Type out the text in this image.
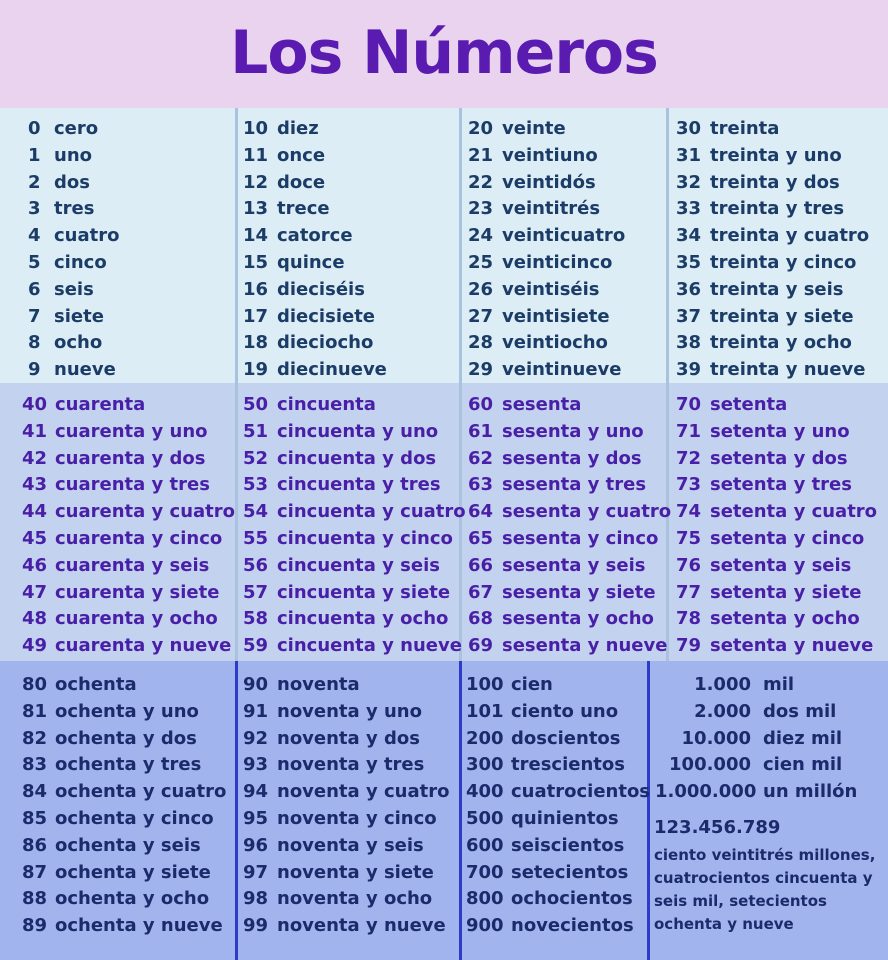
Los Números
0 cero
1 uno
2 dos
3 tres
4 cuatro
5 cinco
6 seis
7 siete
8 ocho
9 nueve
10 diez
11 once
12 doce
13 trece
14 catorce
15 quince
16 dieciséis
17 diecisiete
18 dieciocho
19 diecinueve
20 veinte
21 veintiuno
22 veintidós
23 veintitrés
24 veinticuatro
25 veinticinco
26 veintiséis
27 veintisiete
28 veintiocho
29 veintinueve
30 treinta
31 treinta y uno
32 treinta y dos
33 treinta y tres
34 treinta y cuatro
35 treinta y cinco
36 treinta y seis
37 treinta y siete
38 treinta y ocho
39 treinta y nueve
40 cuarenta
41 cuarenta y uno
42 cuarenta y dos
43 cuarenta y tres
44 cuarenta y cuatro
45 cuarenta y cinco
46 cuarenta y seis
47 cuarenta y siete
48 cuarenta y ocho
49 cuarenta y nueve
50 cincuenta
51 cincuenta y uno
52 cincuenta y dos
53 cincuenta y tres
54 cincuenta y cuatro
55 cincuenta y cinco
56 cincuenta y seis
57 cincuenta y siete
58 cincuenta y ocho
59 cincuenta y nueve
60 sesenta
61 sesenta y uno
62 sesenta y dos
63 sesenta y tres
64 sesenta y cuatro
65 sesenta y cinco
66 sesenta y seis
67 sesenta y siete
68 sesenta y ocho
69 sesenta y nueve
70 setenta
71 setenta y uno
72 setenta y dos
73 setenta y tres
74 setenta y cuatro
75 setenta y cinco
76 setenta y seis
77 setenta y siete
78 setenta y ocho
79 setenta y nueve
80 ochenta
81 ochenta y uno
82 ochenta y dos
83 ochenta y tres
84 ochenta y cuatro
85 ochenta y cinco
86 ochenta y seis
87 ochenta y siete
88 ochenta y ocho
89 ochenta y nueve
90 noventa
91 noventa y uno
92 noventa y dos
93 noventa y tres
94 noventa y cuatro
95 noventa y cinco
96 noventa y seis
97 noventa y siete
98 noventa y ocho
99 noventa y nueve
100 cien
101 ciento uno
200 doscientos
300 trescientos
400 cuatrocientos
500 quinientos
600 seiscientos
700 setecientos
800 ochocientos
900 novecientos
1.000 mil
2.000 dos mil
10.000 diez mil
100.000 cien mil
1.000.000 un millón
123.456.789
ciento veintitrés millones, cuatrocientos cincuenta y seis mil, setecientos ochenta y nueve
